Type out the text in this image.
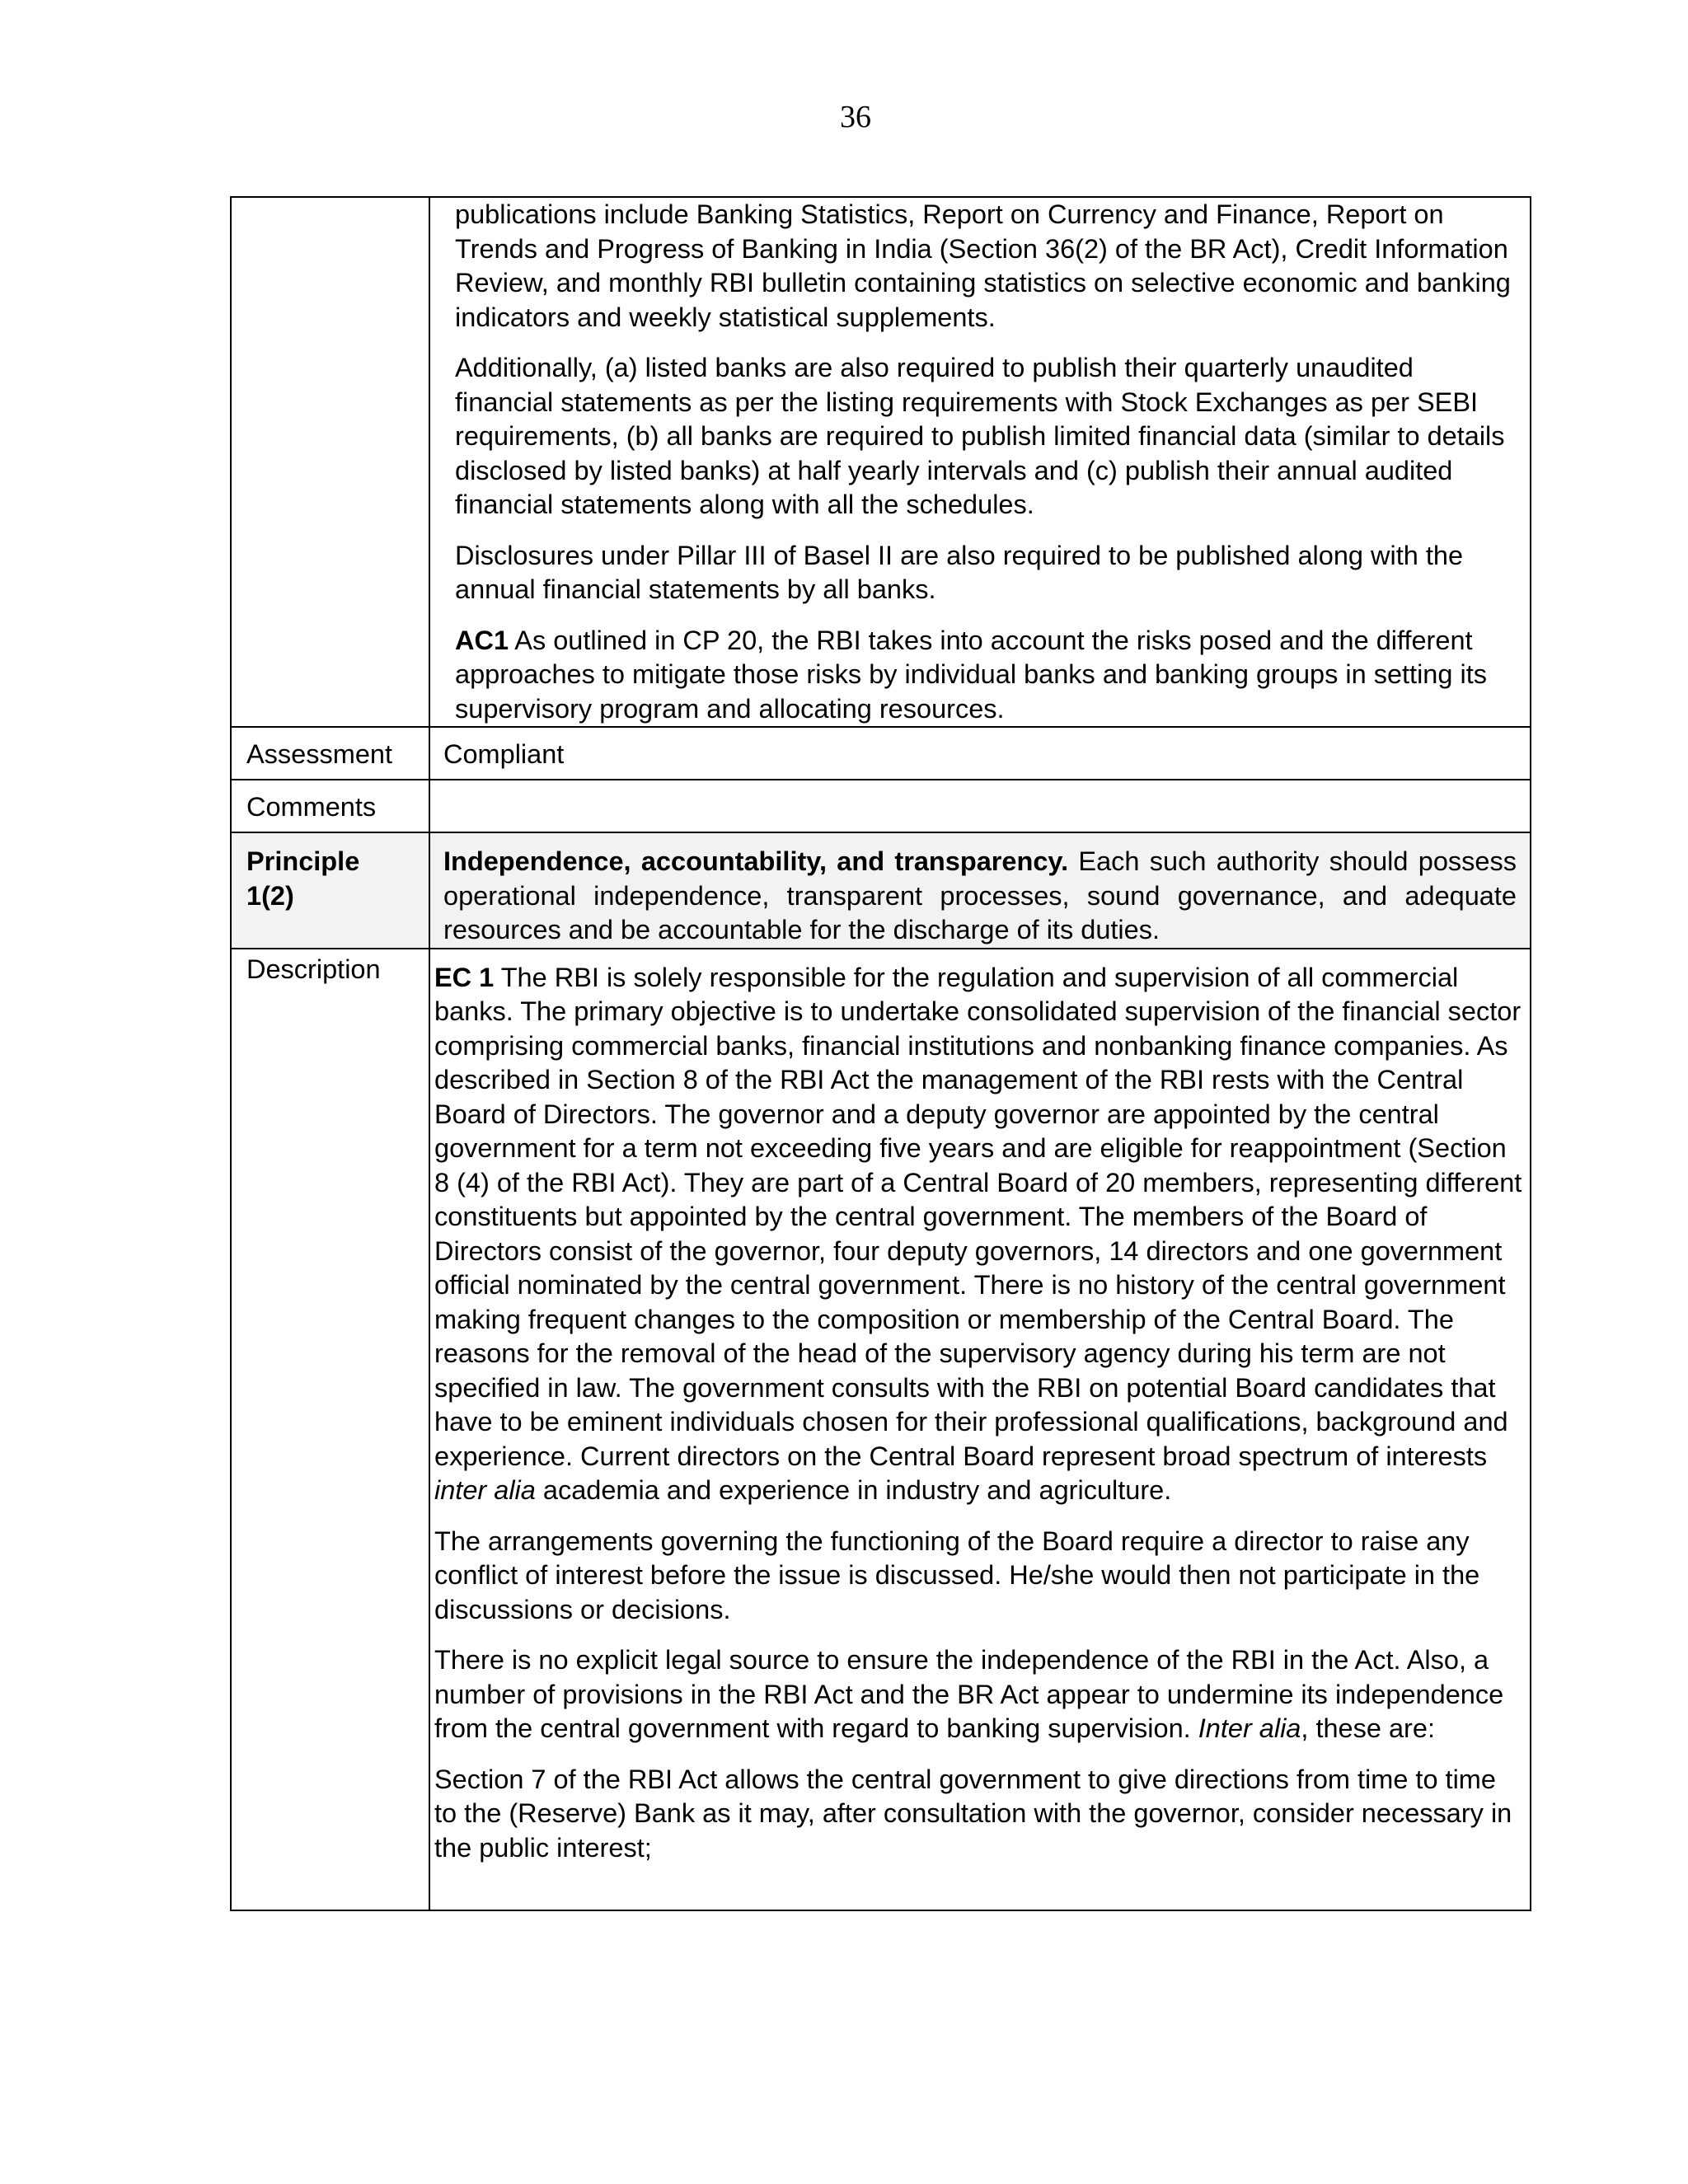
36

	publications include Banking Statistics, Report on Currency and Finance, Report on Trends and Progress of Banking in India (Section 36(2) of the BR Act), Credit Information Review, and monthly RBI bulletin containing statistics on selective economic and banking indicators and weekly statistical supplements.

Additionally, (a) listed banks are also required to publish their quarterly unaudited financial statements as per the listing requirements with Stock Exchanges as per SEBI requirements, (b) all banks are required to publish limited financial data (similar to details disclosed by listed banks) at half yearly intervals and (c) publish their annual audited financial statements along with all the schedules.

Disclosures under Pillar III of Basel II are also required to be published along with the annual financial statements by all banks.

AC1 As outlined in CP 20, the RBI takes into account the risks posed and the different approaches to mitigate those risks by individual banks and banking groups in setting its supervisory program and allocating resources.

Assessment	Compliant

Comments	

Principle 1(2)	Independence, accountability, and transparency. Each such authority should possess operational independence, transparent processes, sound governance, and adequate resources and be accountable for the discharge of its duties.

Description	EC 1 The RBI is solely responsible for the regulation and supervision of all commercial banks. The primary objective is to undertake consolidated supervision of the financial sector comprising commercial banks, financial institutions and nonbanking finance companies. As described in Section 8 of the RBI Act the management of the RBI rests with the Central Board of Directors. The governor and a deputy governor are appointed by the central government for a term not exceeding five years and are eligible for reappointment (Section 8 (4) of the RBI Act). They are part of a Central Board of 20 members, representing different constituents but appointed by the central government. The members of the Board of Directors consist of the governor, four deputy governors, 14 directors and one government official nominated by the central government. There is no history of the central government making frequent changes to the composition or membership of the Central Board. The reasons for the removal of the head of the supervisory agency during his term are not specified in law. The government consults with the RBI on potential Board candidates that have to be eminent individuals chosen for their professional qualifications, background and experience. Current directors on the Central Board represent broad spectrum of interests inter alia academia and experience in industry and agriculture.

The arrangements governing the functioning of the Board require a director to raise any conflict of interest before the issue is discussed. He/she would then not participate in the discussions or decisions.

There is no explicit legal source to ensure the independence of the RBI in the Act. Also, a number of provisions in the RBI Act and the BR Act appear to undermine its independence from the central government with regard to banking supervision. Inter alia, these are:

Section 7 of the RBI Act allows the central government to give directions from time to time to the (Reserve) Bank as it may, after consultation with the governor, consider necessary in the public interest;
